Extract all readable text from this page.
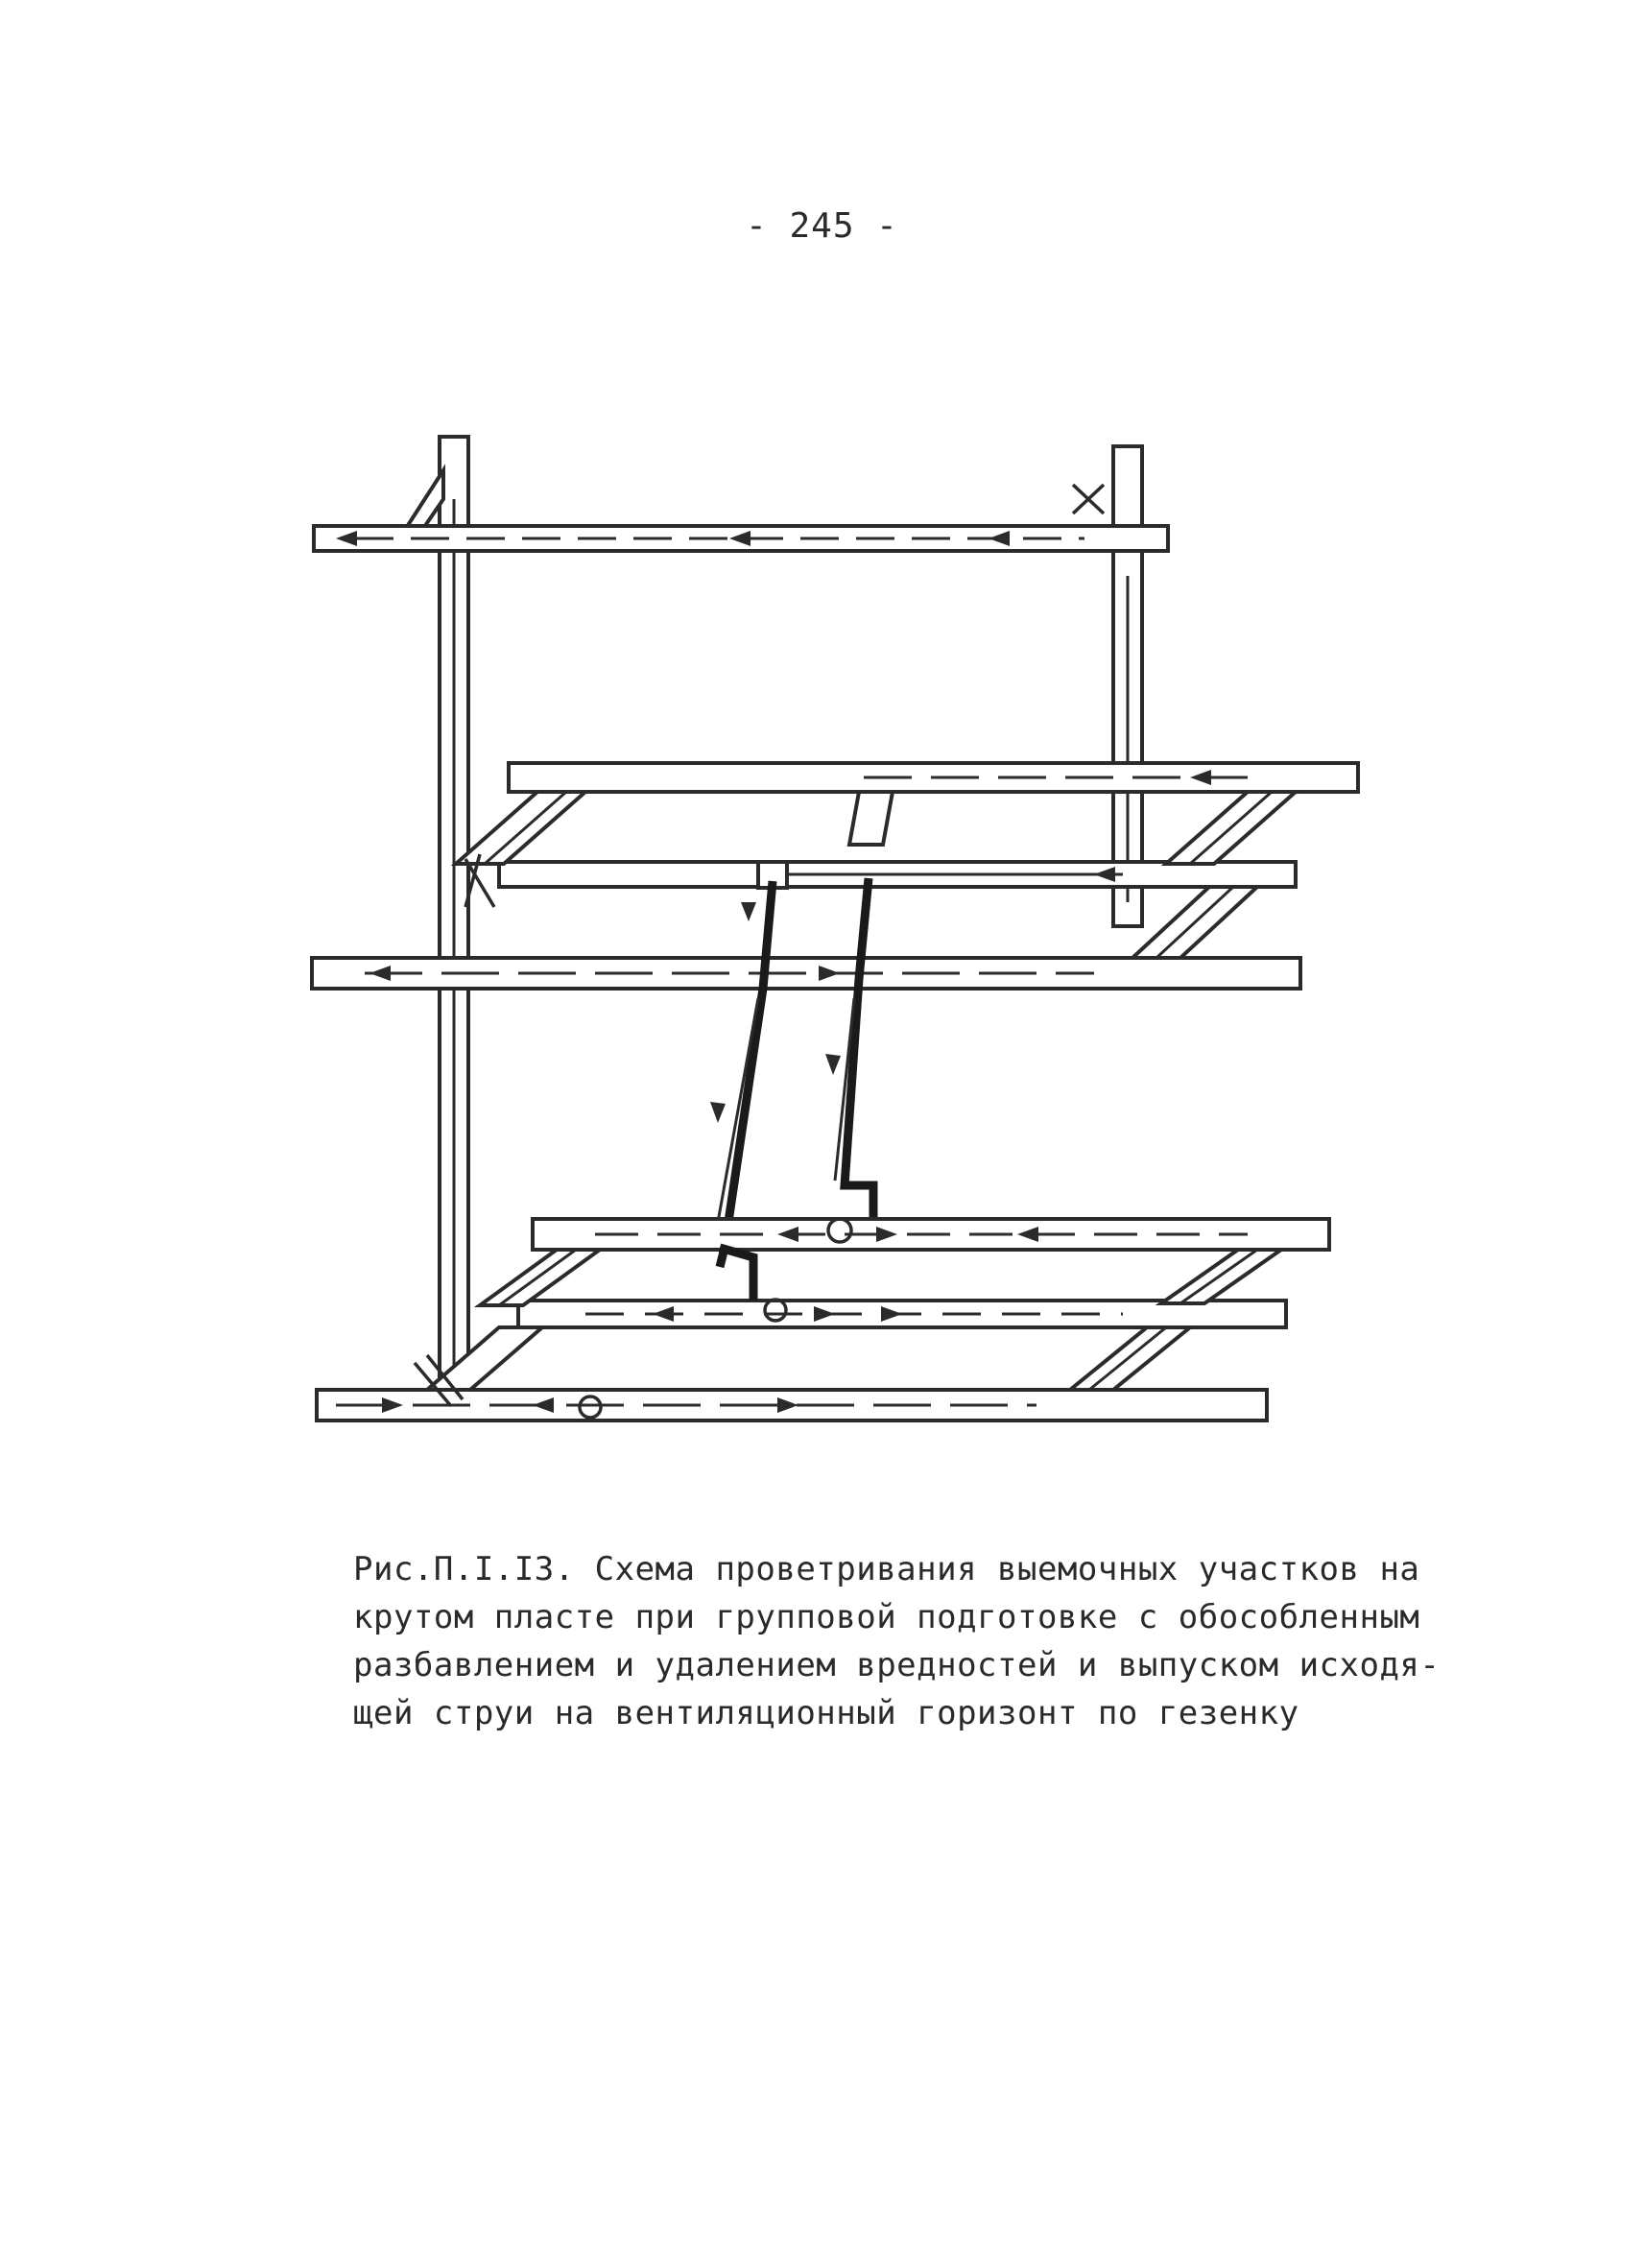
- 245 -
Рис.П.I.I3. Схема проветривания выемочных участков на
крутом пласте при групповой подготовке с обособленным
разбавлением и удалением вредностей и выпуском исходя-
щей струи на вентиляционный горизонт по гезенку
